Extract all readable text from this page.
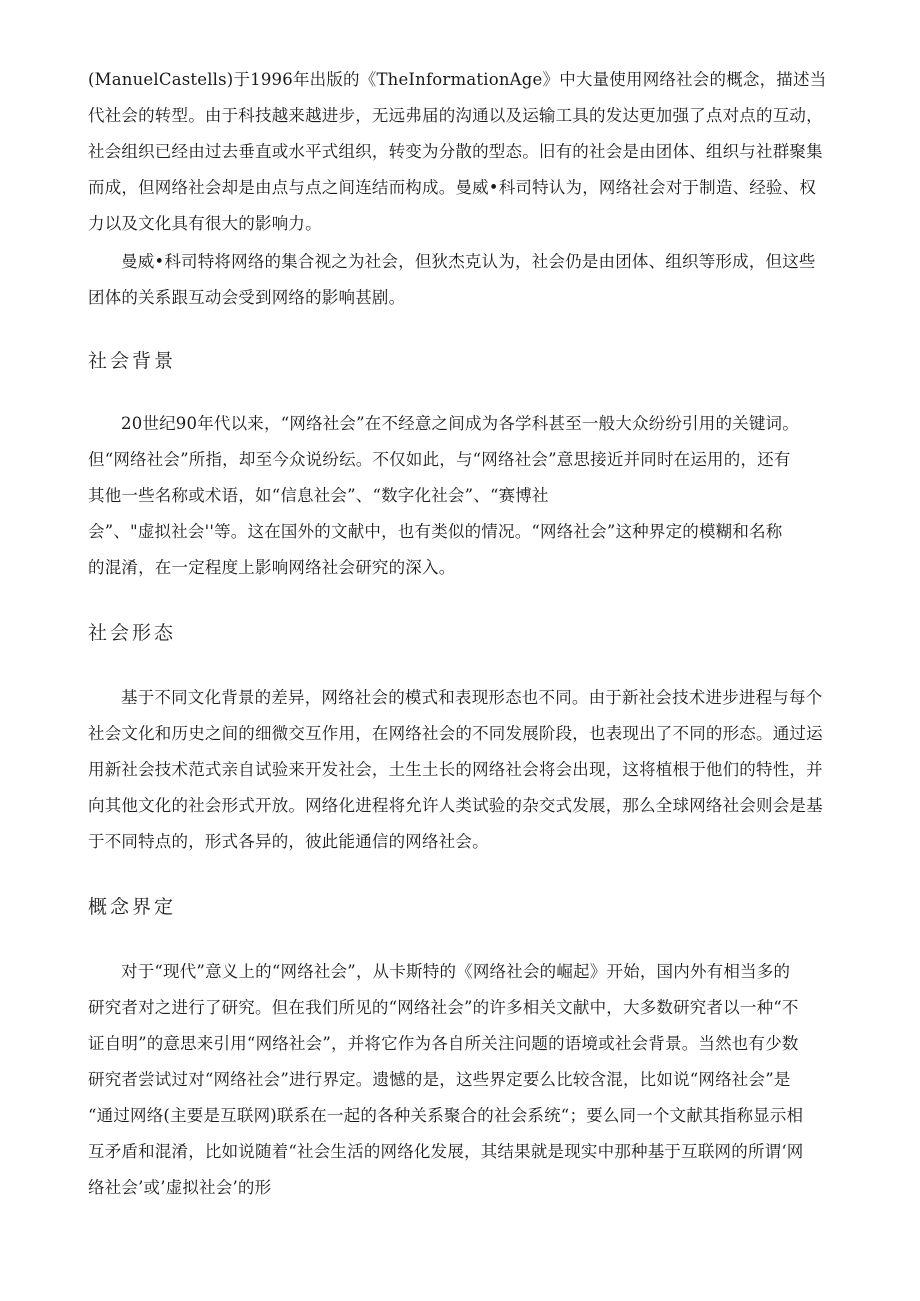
(ManuelCastells)于1996年出版的《TheInformationAge》中大量使用网络社会的概念，描述当
代社会的转型。由于科技越来越进步，无远弗届的沟通以及运输工具的发达更加强了点对点的互动，
社会组织已经由过去垂直或水平式组织，转变为分散的型态。旧有的社会是由团体、组织与社群聚集
而成，但网络社会却是由点与点之间连结而构成。曼威•科司特认为，网络社会对于制造、经验、权
力以及文化具有很大的影响力。

曼威•科司特将网络的集合视之为社会，但狄杰克认为，社会仍是由团体、组织等形成，但这些
团体的关系跟互动会受到网络的影响甚剧。

社会背景

20世纪90年代以来，“网络社会”在不经意之间成为各学科甚至一般大众纷纷引用的关键词。
但“网络社会”所指，却至今众说纷纭。不仅如此，与“网络社会”意思接近并同时在运用的，还有
其他一些名称或术语，如“信息社会”、“数字化社会”、“赛博社
会”、"虚拟社会''等。这在国外的文献中，也有类似的情况。“网络社会”这种界定的模糊和名称
的混淆，在一定程度上影响网络社会研究的深入。

社会形态

基于不同文化背景的差异，网络社会的模式和表现形态也不同。由于新社会技术进步进程与每个
社会文化和历史之间的细微交互作用，在网络社会的不同发展阶段，也表现出了不同的形态。通过运
用新社会技术范式亲自试验来开发社会，土生土长的网络社会将会出现，这将植根于他们的特性，并
向其他文化的社会形式开放。网络化进程将允许人类试验的杂交式发展，那么全球网络社会则会是基
于不同特点的，形式各异的，彼此能通信的网络社会。

概念界定

对于“现代”意义上的“网络社会”，从卡斯特的《网络社会的崛起》开始，国内外有相当多的
研究者对之进行了研究。但在我们所见的“网络社会”的许多相关文献中，大多数研究者以一种“不
证自明”的意思来引用“网络社会”，并将它作为各自所关注问题的语境或社会背景。当然也有少数
研究者尝试过对“网络社会”进行界定。遗憾的是，这些界定要么比较含混，比如说“网络社会”是
“通过网络(主要是互联网)联系在一起的各种关系聚合的社会系统“；要么同一个文献其指称显示相
互矛盾和混淆，比如说随着“社会生活的网络化发展，其结果就是现实中那种基于互联网的所谓‘网
络社会’或’虚拟社会’的形
